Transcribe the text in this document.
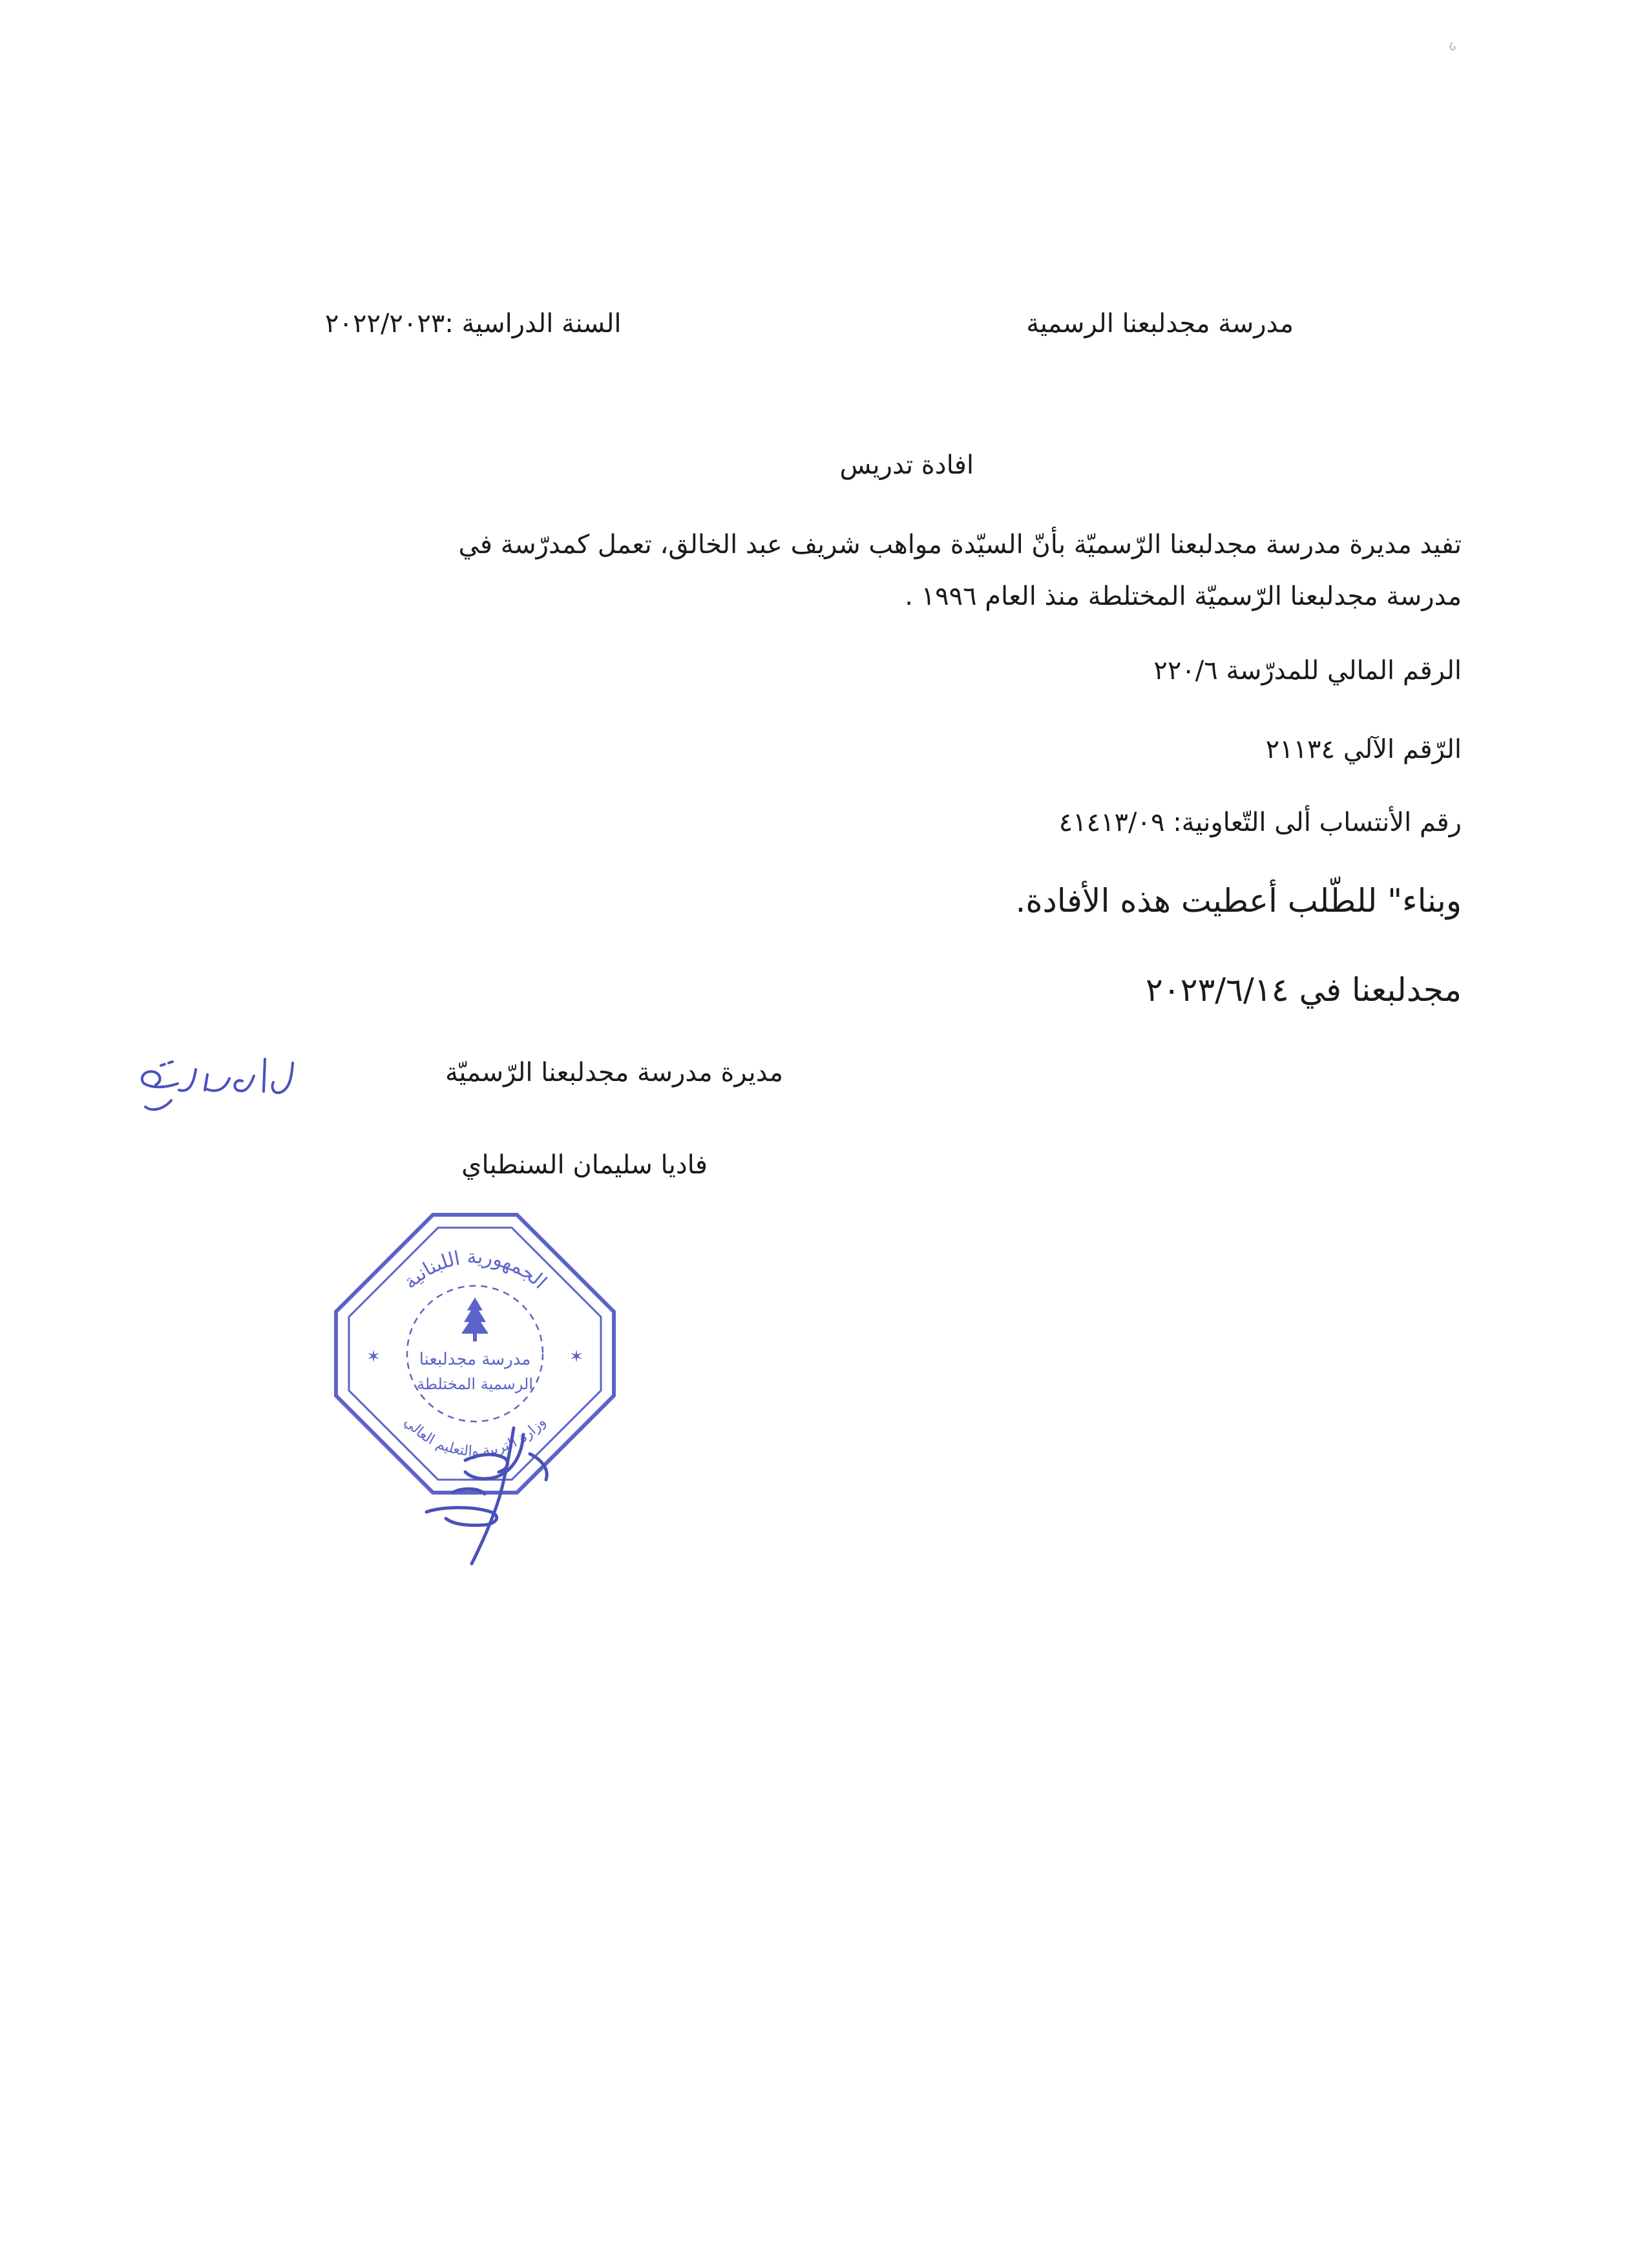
مدرسة مجدلبعنا الرسمية
السنة الدراسية :٢٠٢٢/٢٠٢٣
افادة تدريس
تفيد مديرة مدرسة مجدلبعنا الرّسميّة بأنّ السيّدة مواهب شريف عبد الخالق، تعمل كمدرّسة في
مدرسة مجدلبعنا الرّسميّة المختلطة منذ العام ١٩٩٦ .
الرقم المالي للمدرّسة ٢٢٠/٦
الرّقم الآلي ٢١١٣٤
رقم الأنتساب ألى التّعاونية: ٤١٤١٣/٠٩
وبناء" للطّلب أعطيت هذه الأفادة.
مجدلبعنا في ٢٠٢٣/٦/١٤
مديرة مدرسة مجدلبعنا الرّسميّة
فاديا سليمان السنطباي
الجمهورية اللبنانية
وزارة التربية والتعليم العالي
مدرسة مجدلبعنا
الرسمية المختلطة
✶	✶
